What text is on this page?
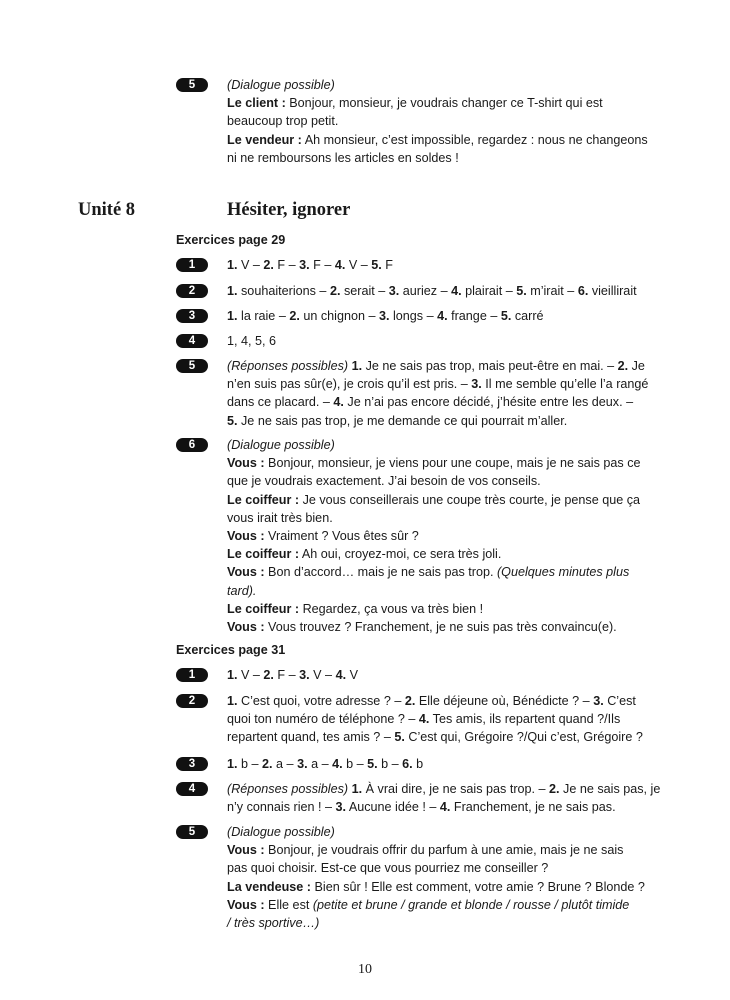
5	(Dialogue possible)
Le client : Bonjour, monsieur, je voudrais changer ce T-shirt qui est
beaucoup trop petit.
Le vendeur : Ah monsieur, c’est impossible, regardez : nous ne changeons
ni ne remboursons les articles en soldes !
Unité 8	Hésiter, ignorer
Exercices page 29
1	1. V – 2. F – 3. F – 4. V – 5. F
2	1. souhaiterions – 2. serait – 3. auriez – 4. plairait – 5. m’irait – 6. vieillirait
3	1. la raie – 2. un chignon – 3. longs – 4. frange – 5. carré
4	1, 4, 5, 6
5	(Réponses possibles) 1. Je ne sais pas trop, mais peut-être en mai. – 2. Je
n’en suis pas sûr(e), je crois qu’il est pris. – 3. Il me semble qu’elle l’a rangé
dans ce placard. – 4. Je n’ai pas encore décidé, j’hésite entre les deux. –
5. Je ne sais pas trop, je me demande ce qui pourrait m’aller.
6	(Dialogue possible)
Vous : Bonjour, monsieur, je viens pour une coupe, mais je ne sais pas ce
que je voudrais exactement. J’ai besoin de vos conseils.
Le coiffeur : Je vous conseillerais une coupe très courte, je pense que ça
vous irait très bien.
Vous : Vraiment ? Vous êtes sûr ?
Le coiffeur : Ah oui, croyez-moi, ce sera très joli.
Vous : Bon d’accord… mais je ne sais pas trop. (Quelques minutes plus
tard).
Le coiffeur : Regardez, ça vous va très bien !
Vous : Vous trouvez ? Franchement, je ne suis pas très convaincu(e).
Exercices page 31
1	1. V – 2. F – 3. V – 4. V
2	1. C’est quoi, votre adresse ? – 2. Elle déjeune où, Bénédicte ? – 3. C’est
quoi ton numéro de téléphone ? – 4. Tes amis, ils repartent quand ?/Ils
repartent quand, tes amis ? – 5. C’est qui, Grégoire ?/Qui c’est, Grégoire ?
3	1. b – 2. a – 3. a – 4. b – 5. b – 6. b
4	(Réponses possibles) 1. À vrai dire, je ne sais pas trop. – 2. Je ne sais pas, je
n’y connais rien ! – 3. Aucune idée ! – 4. Franchement, je ne sais pas.
5	(Dialogue possible)
Vous : Bonjour, je voudrais offrir du parfum à une amie, mais je ne sais
pas quoi choisir. Est-ce que vous pourriez me conseiller ?
La vendeuse : Bien sûr ! Elle est comment, votre amie ? Brune ? Blonde ?
Vous : Elle est (petite et brune / grande et blonde / rousse / plutôt timide
/ très sportive…)
10
